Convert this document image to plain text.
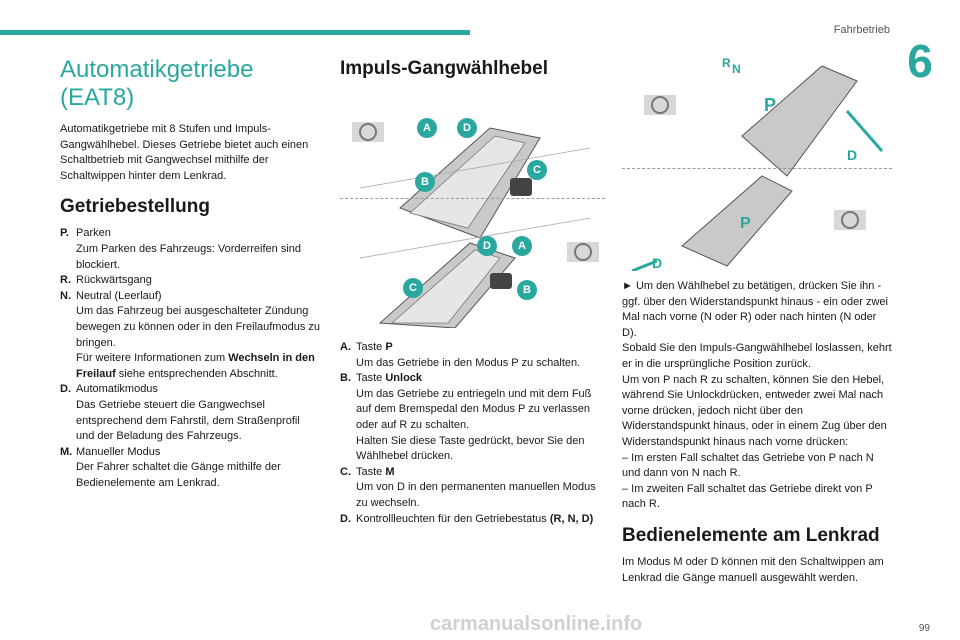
Fahrbetrieb
6
Automatikgetriebe (EAT8)

Automatikgetriebe mit 8 Stufen und Impuls-Gangwählhebel. Dieses Getriebe bietet auch einen Schaltbetrieb mit Gangwechsel mithilfe der Schaltwippen hinter dem Lenkrad.

Getriebestellung
P. Parken
Zum Parken des Fahrzeugs: Vorderreifen sind blockiert.
R. Rückwärtsgang
N. Neutral (Leerlauf)
Um das Fahrzeug bei ausgeschalteter Zündung bewegen zu können oder in den Freilaufmodus zu bringen.
Für weitere Informationen zum Wechseln in den Freilauf siehe entsprechenden Abschnitt.
D. Automatikmodus
Das Getriebe steuert die Gangwechsel entsprechend dem Fahrstil, dem Straßenprofil und der Beladung des Fahrzeugs.
M. Manueller Modus
Der Fahrer schaltet die Gänge mithilfe der Bedienelemente am Lenkrad.
Impuls-Gangwählhebel
A	D
C
B
D	A
C	B
A. Taste P
Um das Getriebe in den Modus P zu schalten.
B. Taste Unlock
Um das Getriebe zu entriegeln und mit dem Fuß auf dem Bremspedal den Modus P zu verlassen oder auf R zu schalten.
Halten Sie diese Taste gedrückt, bevor Sie den Wählhebel drücken.
C. Taste M
Um von D in den permanenten manuellen Modus zu wechseln.
D. Kontrollleuchten für den Getriebestatus (R, N, D)
P
P
N
R
D
D

► Um den Wählhebel zu betätigen, drücken Sie ihn - ggf. über den Widerstandspunkt hinaus - ein oder zwei Mal nach vorne (N oder R) oder nach hinten (N oder D).

Sobald Sie den Impuls-Gangwählhebel loslassen, kehrt er in die ursprüngliche Position zurück.

Um von P nach R zu schalten, können Sie den Hebel, während Sie Unlockdrücken, entweder zwei Mal nach vorne drücken, jedoch nicht über den Widerstandspunkt hinaus, oder in einem Zug über den Widerstandspunkt hinaus nach vorne drücken:

– Im ersten Fall schaltet das Getriebe von P nach N und dann von N nach R.

– Im zweiten Fall schaltet das Getriebe direkt von P nach R.

Bedienelemente am Lenkrad

Im Modus M oder D können mit den Schaltwippen am Lenkrad die Gänge manuell ausgewählt werden.

carmanualsonline.info	99
